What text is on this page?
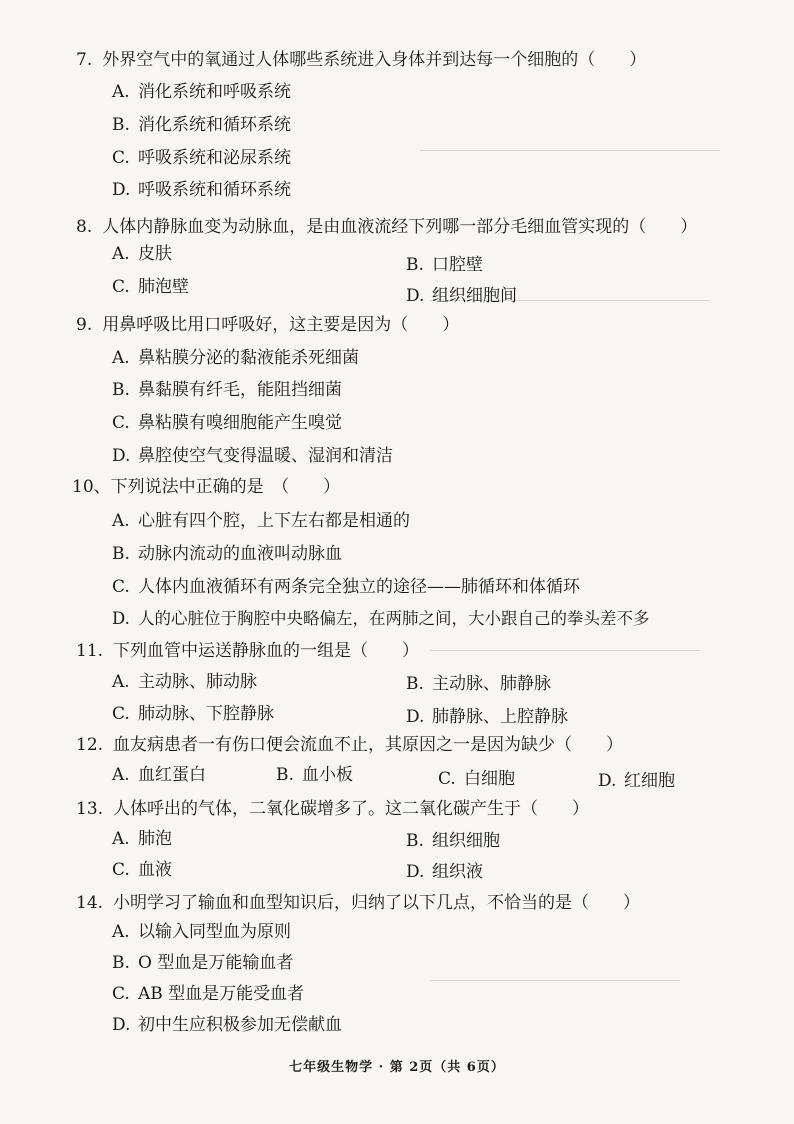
7. 外界空气中的氧通过人体哪些系统进入身体并到达每一个细胞的（　　）
A. 消化系统和呼吸系统
B. 消化系统和循环系统
C. 呼吸系统和泌尿系统
D. 呼吸系统和循环系统
8. 人体内静脉血变为动脉血，是由血液流经下列哪一部分毛细血管实现的（　　）
A. 皮肤
B. 口腔壁
C. 肺泡壁	D. 组织细胞间
9. 用鼻呼吸比用口呼吸好，这主要是因为（　　）
A. 鼻粘膜分泌的黏液能杀死细菌
B. 鼻黏膜有纤毛，能阻挡细菌
C. 鼻粘膜有嗅细胞能产生嗅觉
D. 鼻腔使空气变得温暖、湿润和清洁
10、下列说法中正确的是　（　　）
A. 心脏有四个腔，上下左右都是相通的
B. 动脉内流动的血液叫动脉血
C. 人体内血液循环有两条完全独立的途径——肺循环和体循环
D. 人的心脏位于胸腔中央略偏左，在两肺之间，大小跟自己的拳头差不多
11. 下列血管中运送静脉血的一组是（　　）
A. 主动脉、肺动脉	B. 主动脉、肺静脉
C. 肺动脉、下腔静脉	D. 肺静脉、上腔静脉
12. 血友病患者一有伤口便会流血不止，其原因之一是因为缺少（　　）
A. 血红蛋白	B. 血小板	C. 白细胞	D. 红细胞
13. 人体呼出的气体，二氧化碳增多了。这二氧化碳产生于（　　）
A. 肺泡	B. 组织细胞
C. 血液	D. 组织液
14. 小明学习了输血和血型知识后，归纳了以下几点，不恰当的是（　　）
A. 以输入同型血为原则
B. O 型血是万能输血者
C. AB 型血是万能受血者
D. 初中生应积极参加无偿献血
七年级生物学 · 第 2页（共 6页）
